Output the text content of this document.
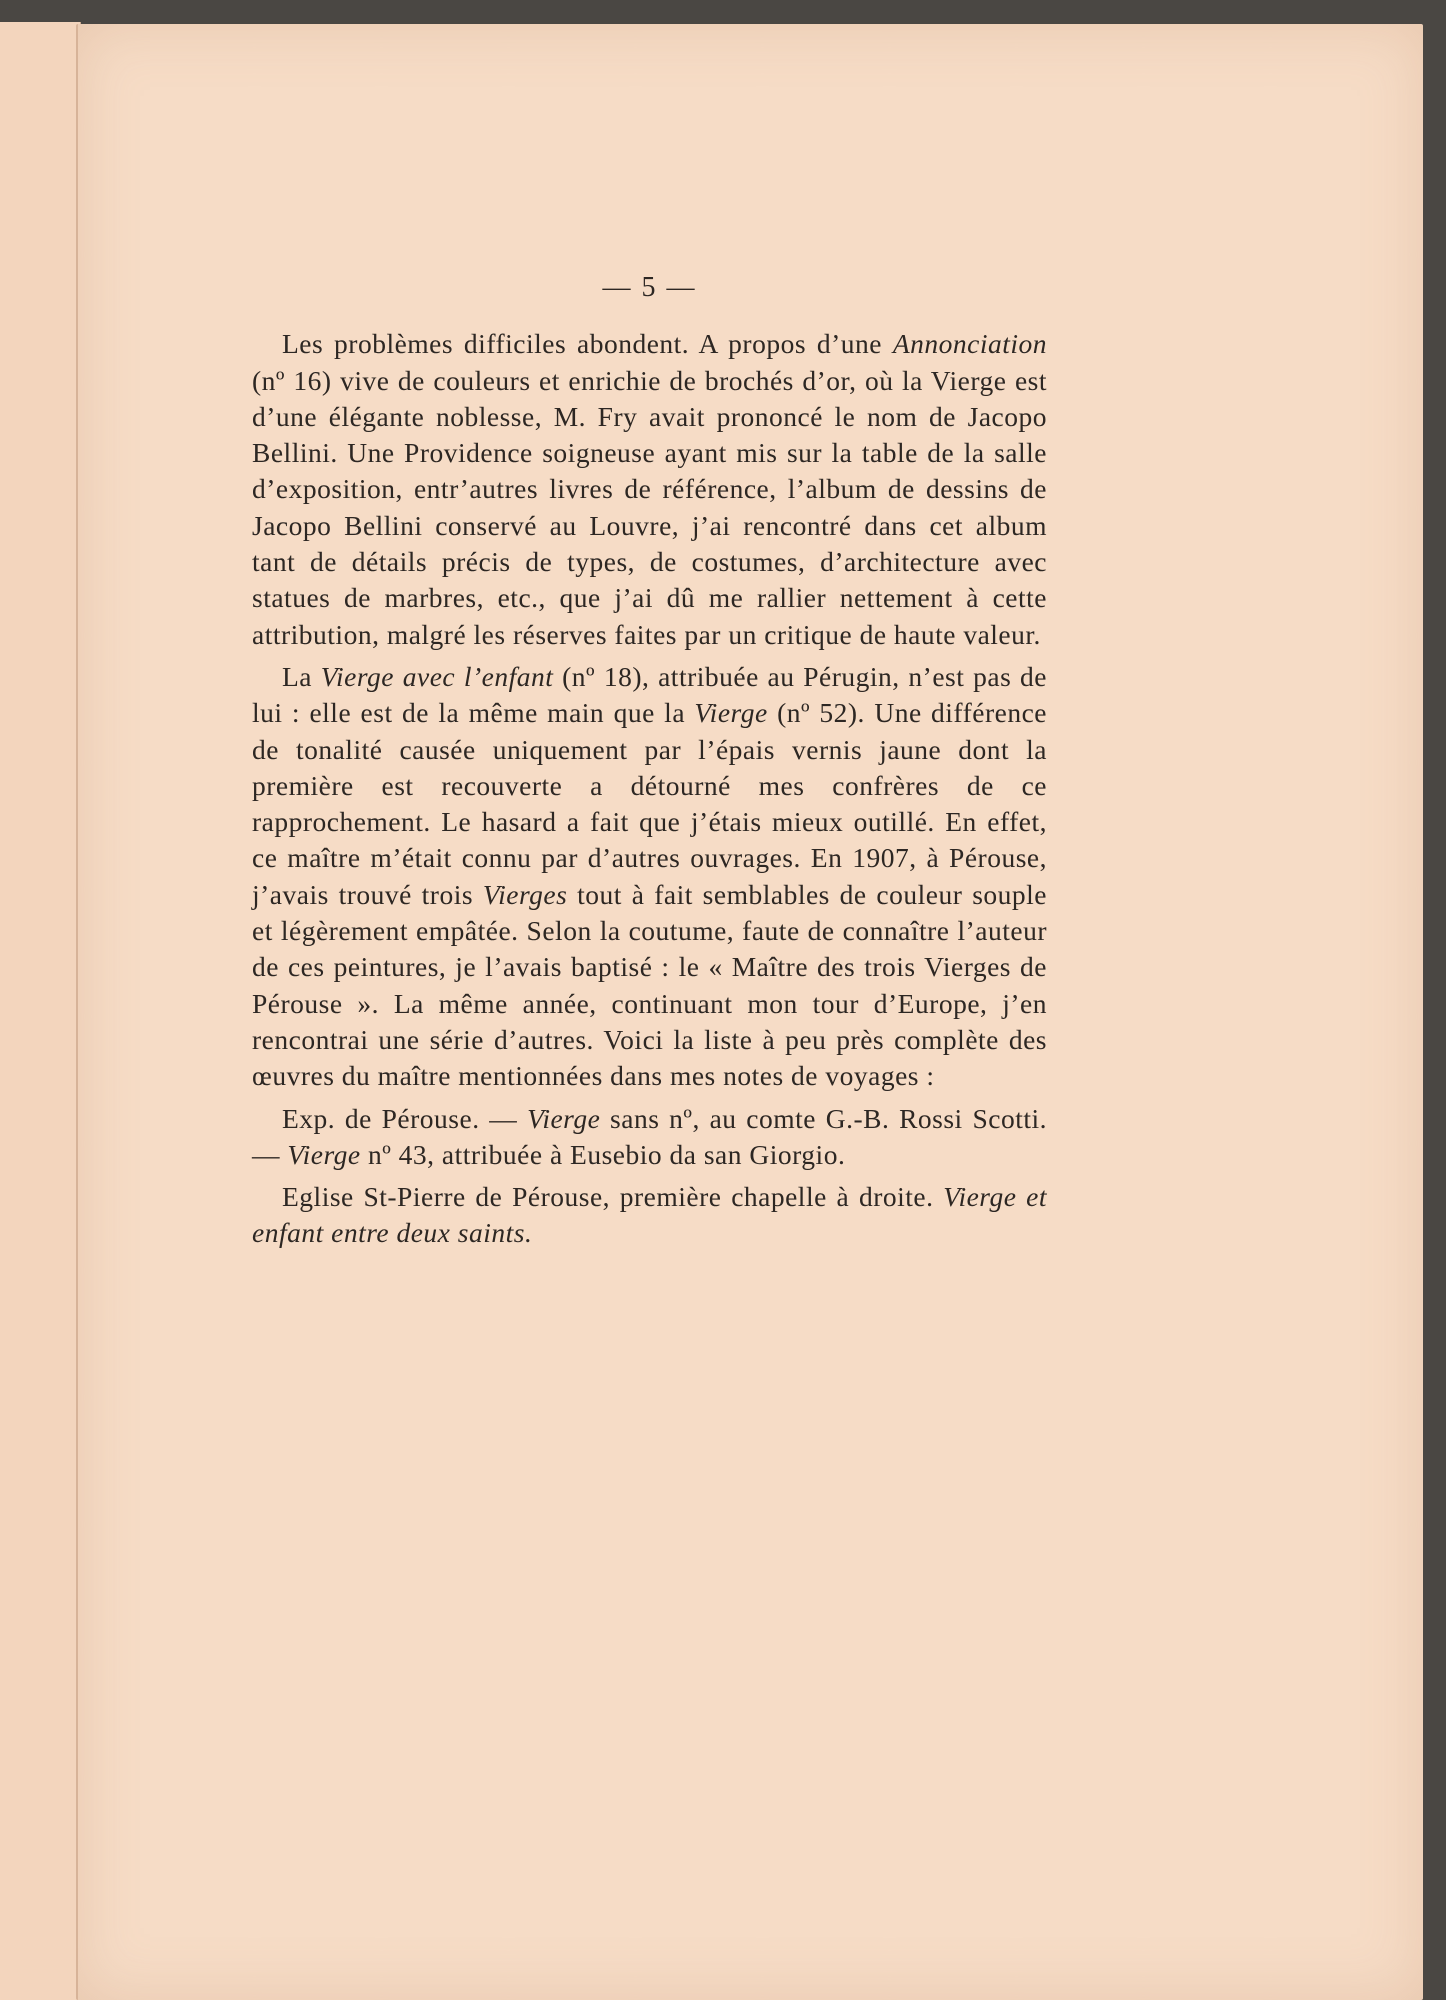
— 5 —

Les problèmes difficiles abondent. A propos d’une Annonciation (nº 16) vive de couleurs et enrichie de brochés d’or, où la Vierge est d’une élégante noblesse, M. Fry avait prononcé le nom de Jacopo Bellini. Une Providence soigneuse ayant mis sur la table de la salle d’exposition, entr’autres livres de référence, l’album de dessins de Jacopo Bellini conservé au Louvre, j’ai rencontré dans cet album tant de détails précis de types, de costumes, d’architecture avec statues de marbres, etc., que j’ai dû me rallier nettement à cette attribution, malgré les réserves faites par un critique de haute valeur.

La Vierge avec l’enfant (nº 18), attribuée au Pérugin, n’est pas de lui : elle est de la même main que la Vierge (nº 52). Une différence de tonalité causée uniquement par l’épais vernis jaune dont la première est recouverte a détourné mes confrères de ce rapprochement. Le hasard a fait que j’étais mieux outillé. En effet, ce maître m’était connu par d’autres ouvrages. En 1907, à Pérouse, j’avais trouvé trois Vierges tout à fait semblables de couleur souple et légèrement empâtée. Selon la coutume, faute de connaître l’auteur de ces peintures, je l’avais baptisé : le « Maître des trois Vierges de Pérouse ». La même année, continuant mon tour d’Europe, j’en rencontrai une série d’autres. Voici la liste à peu près complète des œuvres du maître mentionnées dans mes notes de voyages :

Exp. de Pérouse. — Vierge sans nº, au comte G.-B. Rossi Scotti. — Vierge nº 43, attribuée à Eusebio da san Giorgio.

Eglise St-Pierre de Pérouse, première chapelle à droite. Vierge et enfant entre deux saints.
